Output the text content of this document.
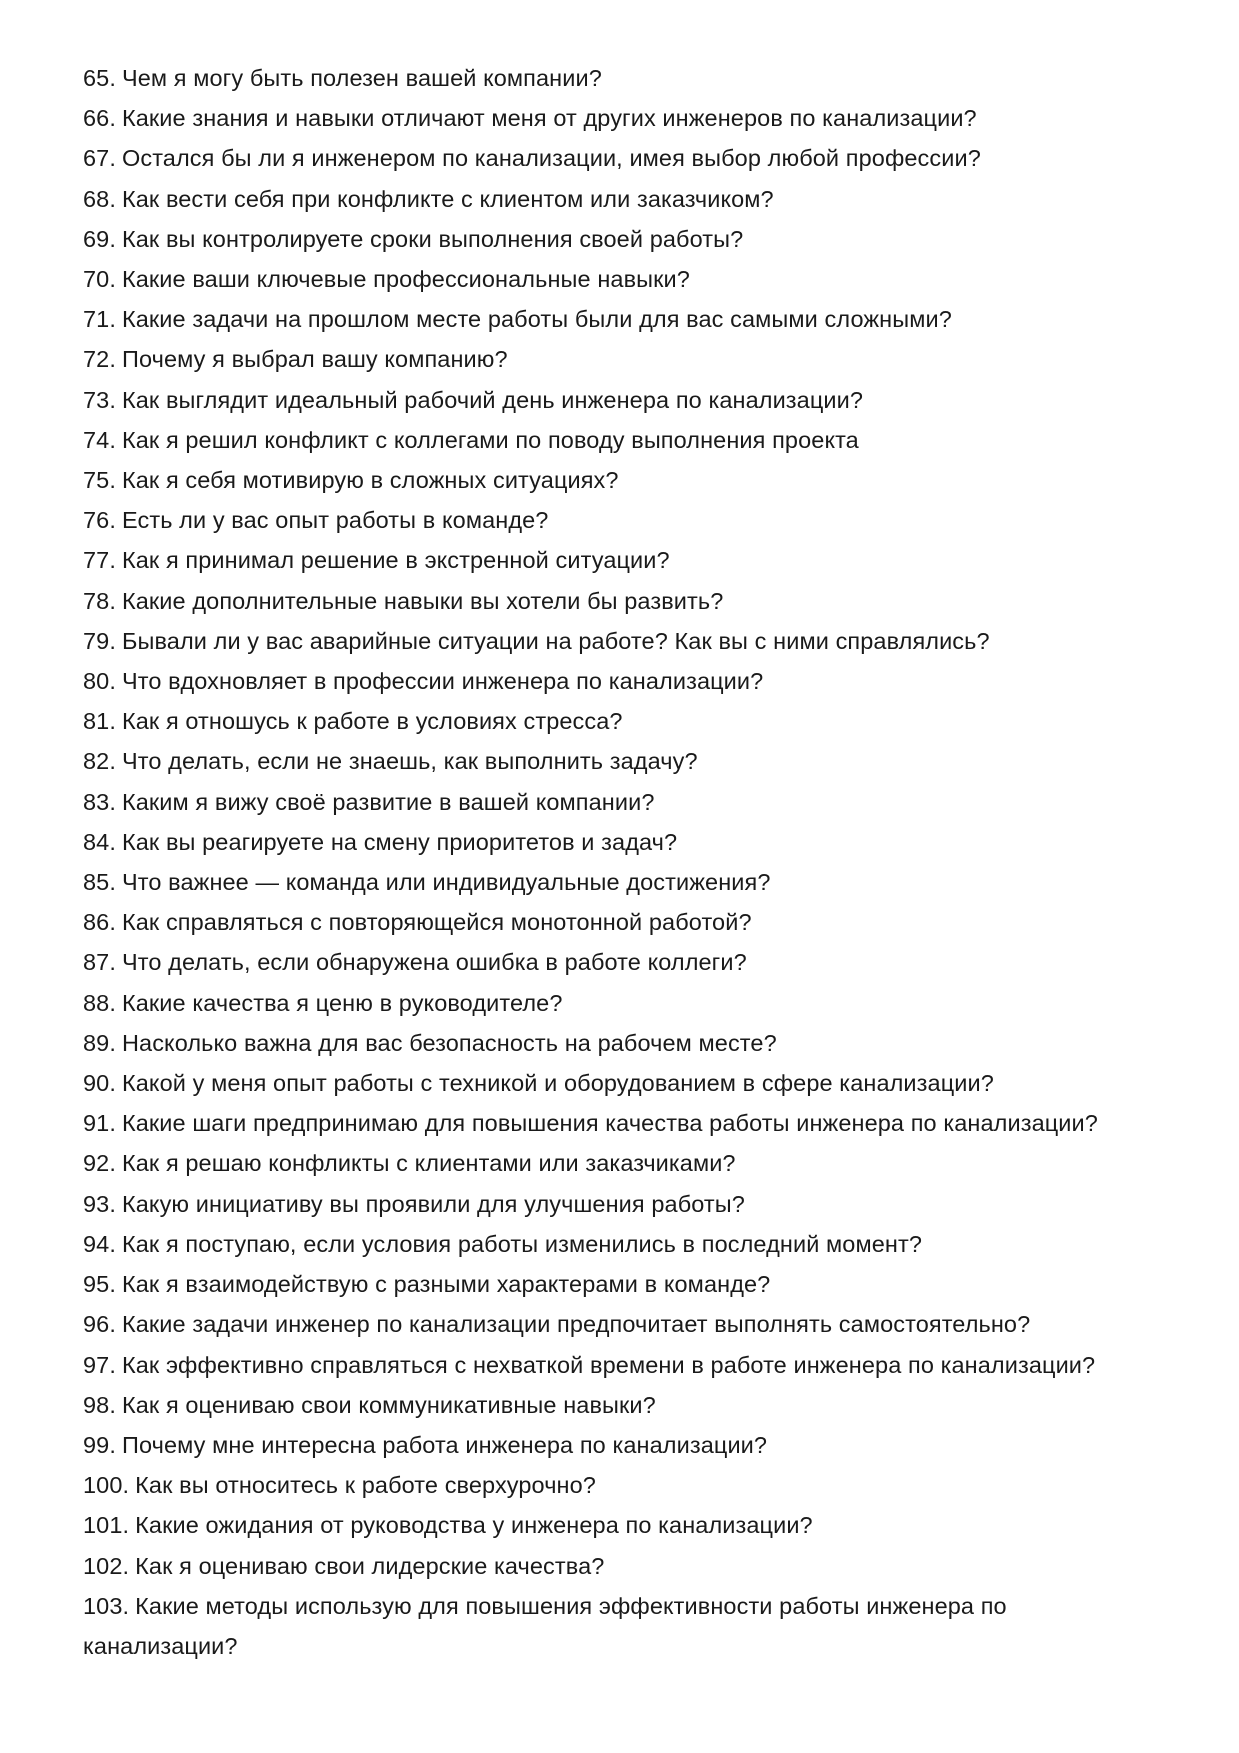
65. Чем я могу быть полезен вашей компании?
66. Какие знания и навыки отличают меня от других инженеров по канализации?
67. Остался бы ли я инженером по канализации, имея выбор любой профессии?
68. Как вести себя при конфликте с клиентом или заказчиком?
69. Как вы контролируете сроки выполнения своей работы?
70. Какие ваши ключевые профессиональные навыки?
71. Какие задачи на прошлом месте работы были для вас самыми сложными?
72. Почему я выбрал вашу компанию?
73. Как выглядит идеальный рабочий день инженера по канализации?
74. Как я решил конфликт с коллегами по поводу выполнения проекта
75. Как я себя мотивирую в сложных ситуациях?
76. Есть ли у вас опыт работы в команде?
77. Как я принимал решение в экстренной ситуации?
78. Какие дополнительные навыки вы хотели бы развить?
79. Бывали ли у вас аварийные ситуации на работе? Как вы с ними справлялись?
80. Что вдохновляет в профессии инженера по канализации?
81. Как я отношусь к работе в условиях стресса?
82. Что делать, если не знаешь, как выполнить задачу?
83. Каким я вижу своё развитие в вашей компании?
84. Как вы реагируете на смену приоритетов и задач?
85. Что важнее — команда или индивидуальные достижения?
86. Как справляться с повторяющейся монотонной работой?
87. Что делать, если обнаружена ошибка в работе коллеги?
88. Какие качества я ценю в руководителе?
89. Насколько важна для вас безопасность на рабочем месте?
90. Какой у меня опыт работы с техникой и оборудованием в сфере канализации?
91. Какие шаги предпринимаю для повышения качества работы инженера по канализации?
92. Как я решаю конфликты с клиентами или заказчиками?
93. Какую инициативу вы проявили для улучшения работы?
94. Как я поступаю, если условия работы изменились в последний момент?
95. Как я взаимодействую с разными характерами в команде?
96. Какие задачи инженер по канализации предпочитает выполнять самостоятельно?
97. Как эффективно справляться с нехваткой времени в работе инженера по канализации?
98. Как я оцениваю свои коммуникативные навыки?
99. Почему мне интересна работа инженера по канализации?
100. Как вы относитесь к работе сверхурочно?
101. Какие ожидания от руководства у инженера по канализации?
102. Как я оцениваю свои лидерские качества?
103. Какие методы использую для повышения эффективности работы инженера по канализации?
